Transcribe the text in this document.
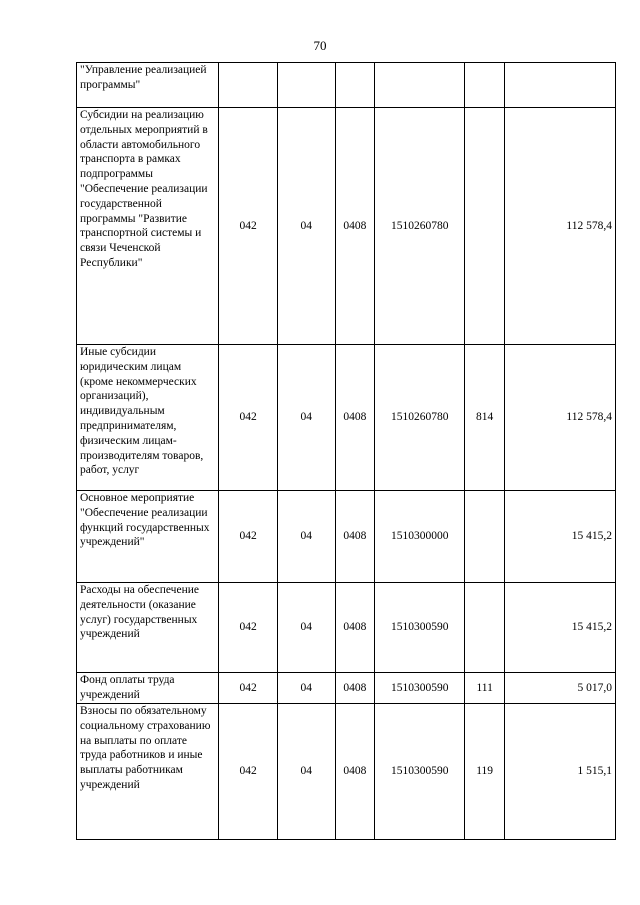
70
"Управление реализацией программы"						
Субсидии на реализацию отдельных мероприятий в области автомобильного транспорта в рамках подпрограммы "Обеспечение реализации государственной программы "Развитие транспортной системы и связи Чеченской Республики"	042	04	0408	1510260780		112 578,4
Иные субсидии юридическим лицам (кроме некоммерческих организаций), индивидуальным предпринимателям, физическим лицам-производителям товаров, работ, услуг	042	04	0408	1510260780	814	112 578,4
Основное мероприятие "Обеспечение реализации функций государственных учреждений"	042	04	0408	1510300000		15 415,2
Расходы на обеспечение деятельности (оказание услуг) государственных учреждений	042	04	0408	1510300590		15 415,2
Фонд оплаты труда учреждений	042	04	0408	1510300590	111	5 017,0
Взносы по обязательному социальному страхованию на выплаты по оплате труда работников и иные выплаты работникам учреждений	042	04	0408	1510300590	119	1 515,1
